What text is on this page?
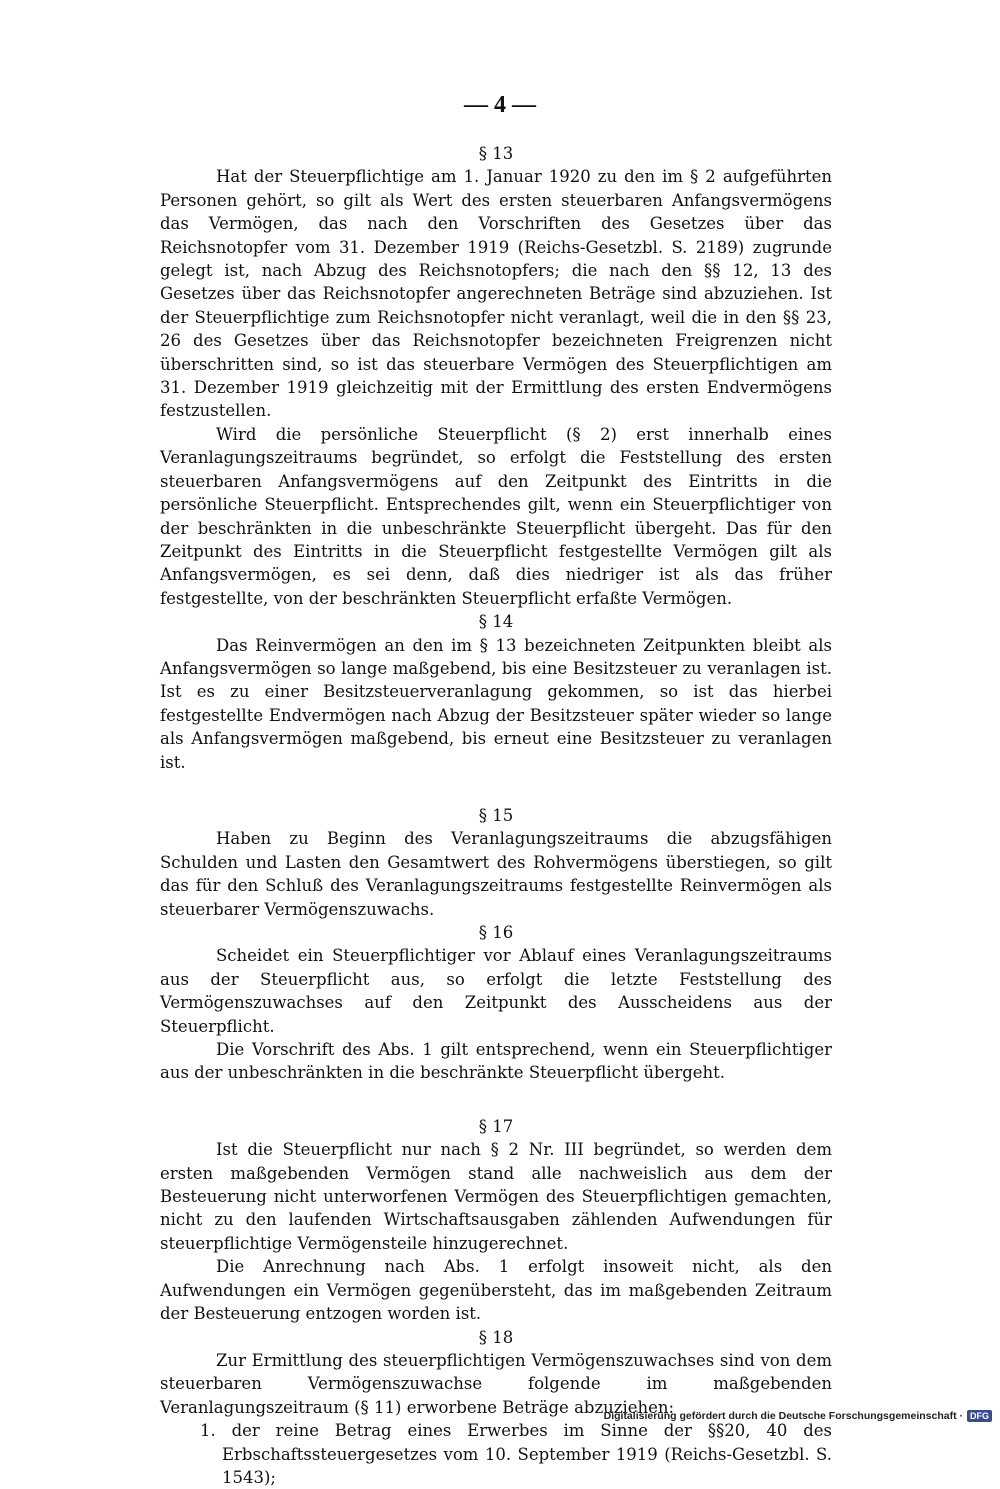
— 4 —

§ 13

Hat der Steuerpflichtige am 1. Januar 1920 zu den im § 2 aufgeführten Personen gehört, so gilt als Wert des ersten steuerbaren Anfangsvermögens das Vermögen, das nach den Vorschriften des Gesetzes über das Reichsnotopfer vom 31. Dezember 1919 (Reichs-Gesetzbl. S. 2189) zugrunde gelegt ist, nach Abzug des Reichsnotopfers; die nach den §§ 12, 13 des Gesetzes über das Reichsnotopfer angerechneten Beträge sind abzuziehen. Ist der Steuerpflichtige zum Reichsnotopfer nicht veranlagt, weil die in den §§ 23, 26 des Gesetzes über das Reichsnotopfer bezeichneten Freigrenzen nicht überschritten sind, so ist das steuerbare Vermögen des Steuerpflichtigen am 31. Dezember 1919 gleichzeitig mit der Ermittlung des ersten Endvermögens festzustellen.

Wird die persönliche Steuerpflicht (§ 2) erst innerhalb eines Veranlagungszeitraums begründet, so erfolgt die Feststellung des ersten steuerbaren Anfangsvermögens auf den Zeitpunkt des Eintritts in die persönliche Steuerpflicht. Entsprechendes gilt, wenn ein Steuerpflichtiger von der beschränkten in die unbeschränkte Steuerpflicht übergeht. Das für den Zeitpunkt des Eintritts in die Steuerpflicht festgestellte Vermögen gilt als Anfangsvermögen, es sei denn, daß dies niedriger ist als das früher festgestellte, von der beschränkten Steuerpflicht erfaßte Vermögen.

§ 14

Das Reinvermögen an den im § 13 bezeichneten Zeitpunkten bleibt als Anfangsvermögen so lange maßgebend, bis eine Besitzsteuer zu veranlagen ist. Ist es zu einer Besitzsteuerveranlagung gekommen, so ist das hierbei festgestellte Endvermögen nach Abzug der Besitzsteuer später wieder so lange als Anfangsvermögen maßgebend, bis erneut eine Besitzsteuer zu veranlagen ist.

§ 15

Haben zu Beginn des Veranlagungszeitraums die abzugsfähigen Schulden und Lasten den Gesamtwert des Rohvermögens überstiegen, so gilt das für den Schluß des Veranlagungszeitraums festgestellte Reinvermögen als steuerbarer Vermögenszuwachs.

§ 16

Scheidet ein Steuerpflichtiger vor Ablauf eines Veranlagungszeitraums aus der Steuerpflicht aus, so erfolgt die letzte Feststellung des Vermögenszuwachses auf den Zeitpunkt des Ausscheidens aus der Steuerpflicht.

Die Vorschrift des Abs. 1 gilt entsprechend, wenn ein Steuerpflichtiger aus der unbeschränkten in die beschränkte Steuerpflicht übergeht.

§ 17

Ist die Steuerpflicht nur nach § 2 Nr. III begründet, so werden dem ersten maßgebenden Vermögen stand alle nachweislich aus dem der Besteuerung nicht unterworfenen Vermögen des Steuerpflichtigen gemachten, nicht zu den laufenden Wirtschaftsausgaben zählenden Aufwendungen für steuerpflichtige Vermögensteile hinzugerechnet.

Die Anrechnung nach Abs. 1 erfolgt insoweit nicht, als den Aufwendungen ein Vermögen gegenübersteht, das im maßgebenden Zeitraum der Besteuerung entzogen worden ist.

§ 18

Zur Ermittlung des steuerpflichtigen Vermögenszuwachses sind von dem steuerbaren Vermögenszuwachse folgende im maßgebenden Veranlagungszeitraum (§ 11) erworbene Beträge abzuziehen:

1. der reine Betrag eines Erwerbes im Sinne der §§20, 40 des Erbschaftssteuergesetzes vom 10. September 1919 (Reichs-Gesetzbl. S. 1543);

Digitalisierung gefördert durch die Deutsche Forschungsgemeinschaft · DFG
